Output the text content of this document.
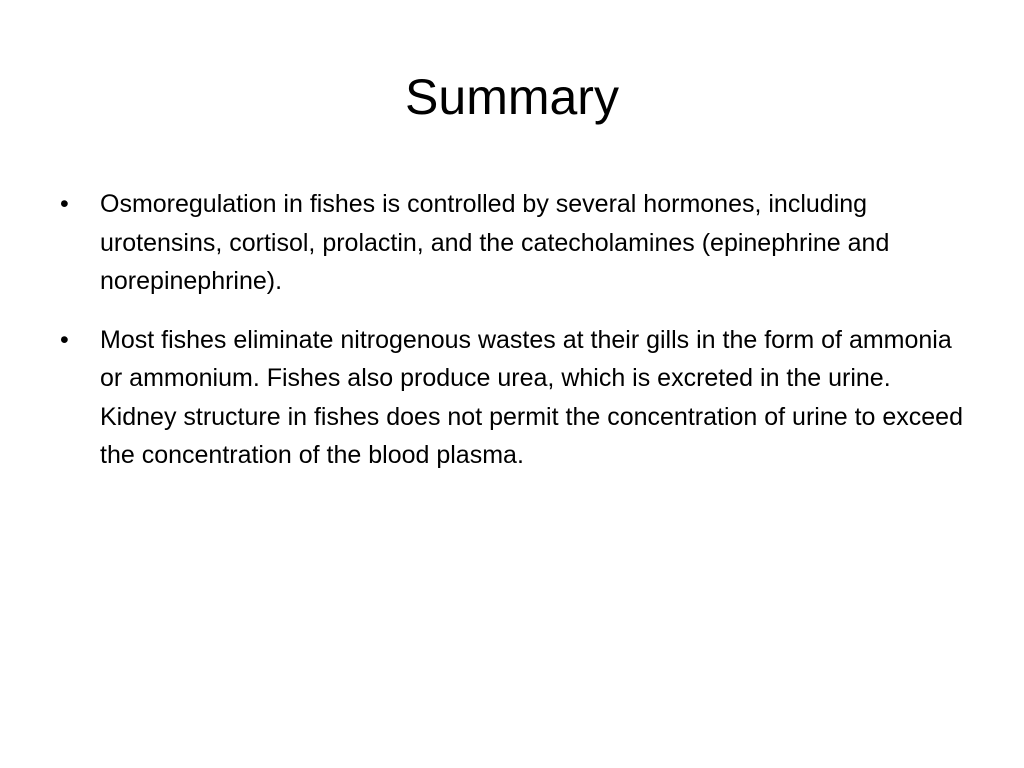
Summary
•	Osmoregulation in fishes is controlled by several hormones, including urotensins, cortisol, prolactin, and the catecholamines (epinephrine and norepinephrine).
•	Most fishes eliminate nitrogenous wastes at their gills in the form of ammonia or ammonium. Fishes also produce urea, which is excreted in the urine. Kidney structure in fishes does not permit the concentration of urine to exceed the concentration of the blood plasma.
